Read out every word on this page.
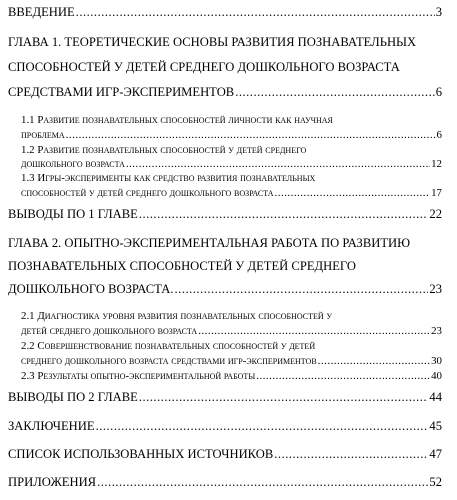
ВВЕДЕНИЕ .....	3
ГЛАВА 1. ТЕОРЕТИЧЕСКИЕ ОСНОВЫ РАЗВИТИЯ ПОЗНАВАТЕЛЬНЫХ
СПОСОБНОСТЕЙ У ДЕТЕЙ СРЕДНЕГО ДОШКОЛЬНОГО ВОЗРАСТА
СРЕДСТВАМИ ИГР-ЭКСПЕРИМЕНТОВ .....	6
1.1 Развитие познавательных способностей личности как научная
проблема .....	6
1.2 Развитие познавательных способностей у детей среднего
дошкольного возраста .....	12
1.3 Игры-эксперименты как средство развития познавательных
способностей у детей среднего дошкольного возраста .....	17
ВЫВОДЫ ПО 1 ГЛАВЕ .....	22
ГЛАВА 2. ОПЫТНО-ЭКСПЕРИМЕНТАЛЬНАЯ РАБОТА ПО РАЗВИТИЮ
ПОЗНАВАТЕЛЬНЫХ СПОСОБНОСТЕЙ У ДЕТЕЙ СРЕДНЕГО
ДОШКОЛЬНОГО ВОЗРАСТА. .....	23
2.1 Диагностика уровня развития познавательных способностей у
детей среднего дошкольного возраста .....	23
2.2 Совершенствование познавательных способностей у детей
среднего дошкольного возраста средствами игр-экспериментов .....	30
2.3 Результаты опытно-экспериментальной работы .....	40
ВЫВОДЫ ПО 2 ГЛАВЕ .....	44
ЗАКЛЮЧЕНИЕ .....	45
СПИСОК ИСПОЛЬЗОВАННЫХ ИСТОЧНИКОВ .....	47
ПРИЛОЖЕНИЯ .....	52
